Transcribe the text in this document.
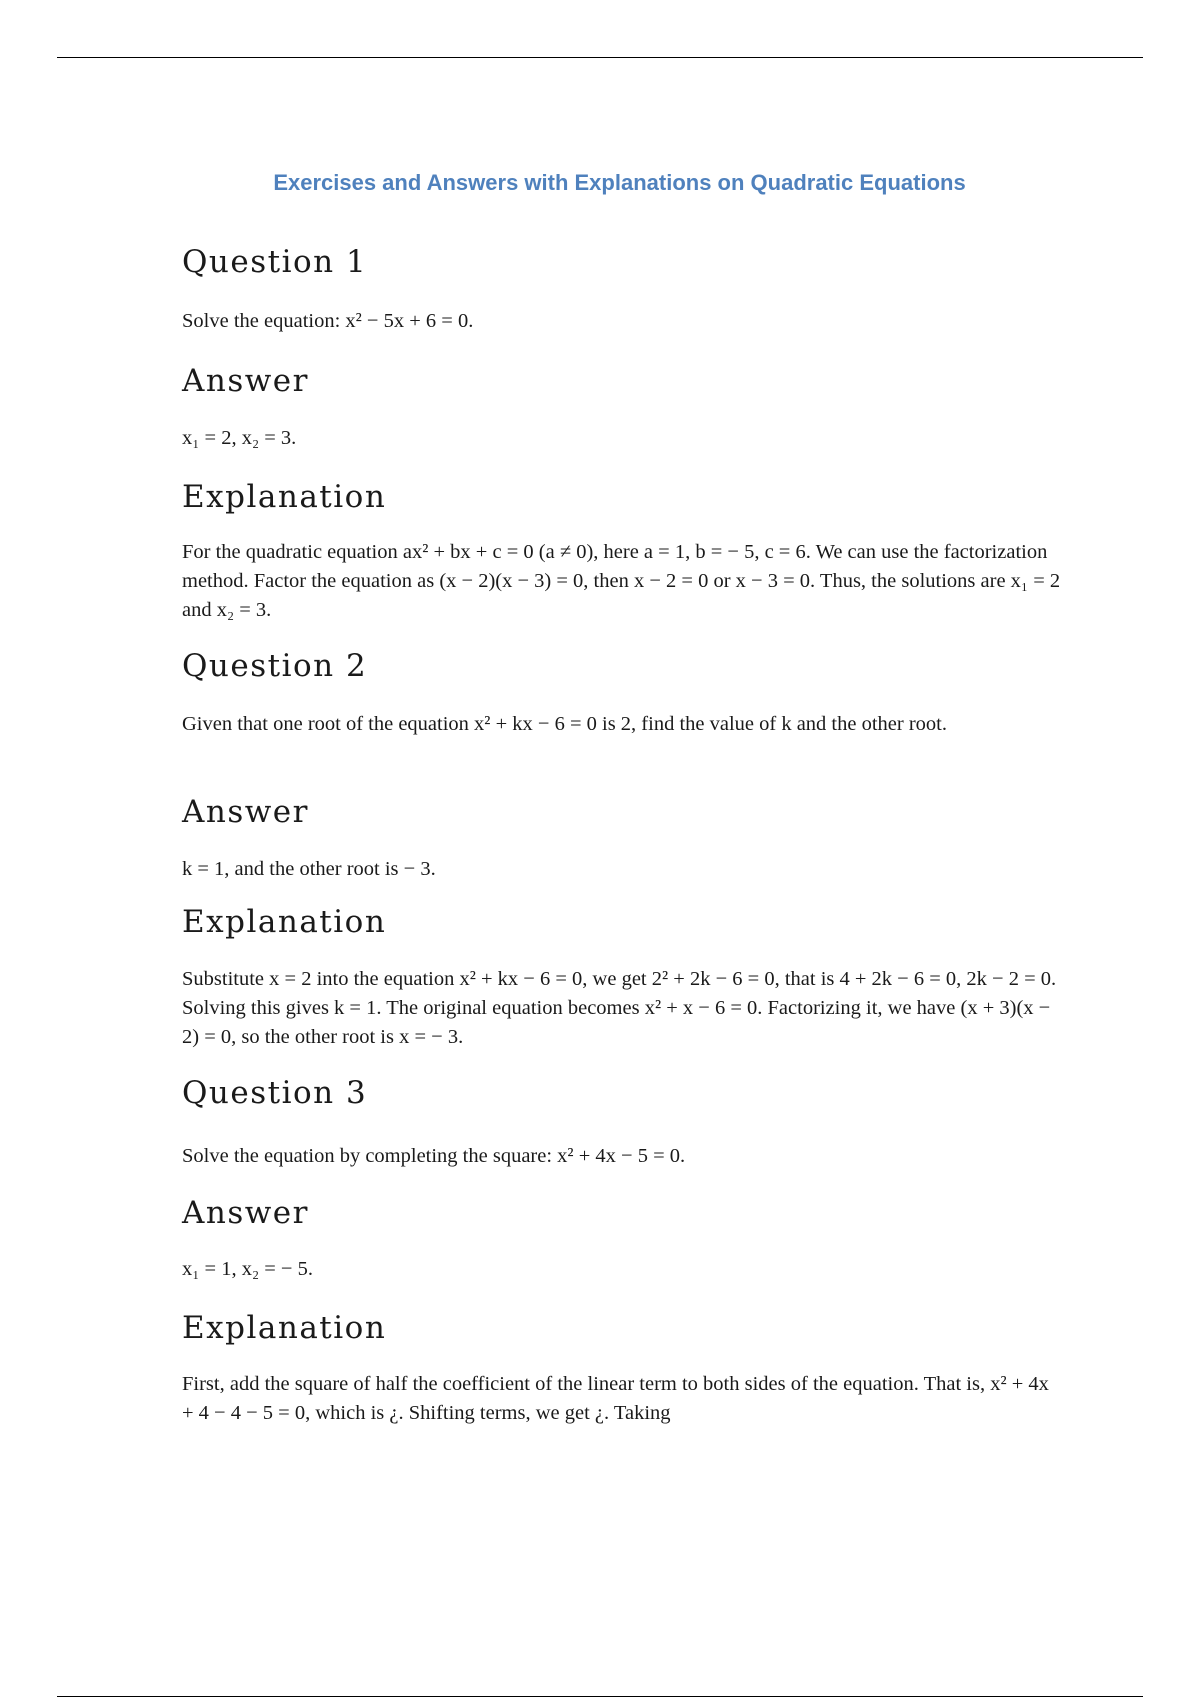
Exercises and Answers with Explanations on Quadratic Equations
Question 1

Solve the equation: x² − 5x + 6 = 0.

Answer

x₁ = 2, x₂ = 3.

Explanation

For the quadratic equation ax² + bx + c = 0 (a ≠ 0), here a = 1, b = − 5, c = 6. We can use the factorization method. Factor the equation as (x − 2)(x − 3) = 0, then x − 2 = 0 or x − 3 = 0. Thus, the solutions are x₁ = 2 and x₂ = 3.

Question 2

Given that one root of the equation x² + kx − 6 = 0 is 2, find the value of k and the other root.

Answer

k = 1, and the other root is − 3.

Explanation

Substitute x = 2 into the equation x² + kx − 6 = 0, we get 2² + 2k − 6 = 0, that is 4 + 2k − 6 = 0, 2k − 2 = 0. Solving this gives k = 1. The original equation becomes x² + x − 6 = 0. Factorizing it, we have (x + 3)(x − 2) = 0, so the other root is x = − 3.

Question 3

Solve the equation by completing the square: x² + 4x − 5 = 0.

Answer

x₁ = 1, x₂ = − 5.

Explanation

First, add the square of half the coefficient of the linear term to both sides of the equation. That is, x² + 4x + 4 − 4 − 5 = 0, which is ¿. Shifting terms, we get ¿. Taking
